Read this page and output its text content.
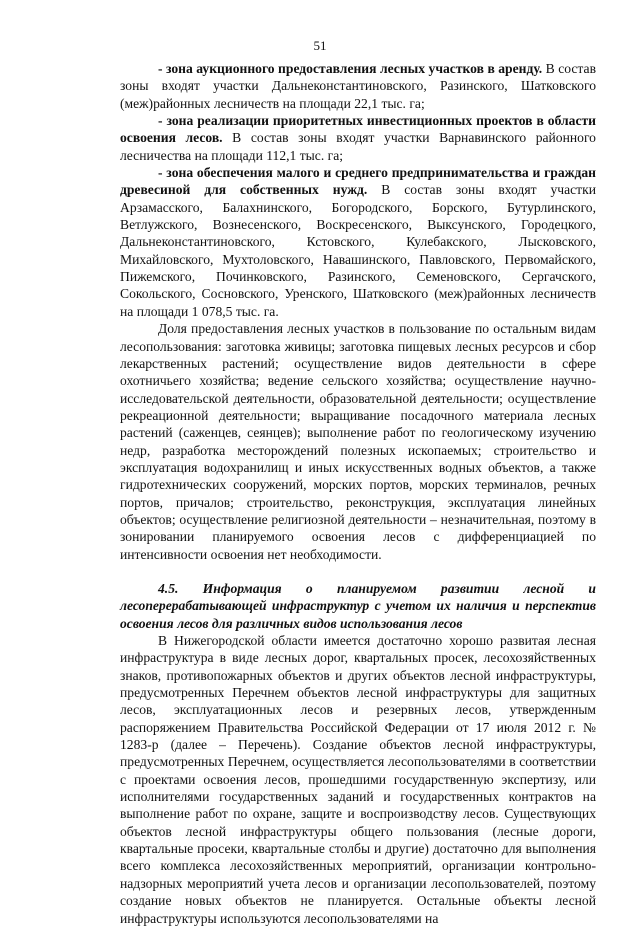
51

- зона аукционного предоставления лесных участков в аренду. В состав зоны входят участки Дальнеконстантиновского, Разинского, Шатковского (меж)районных лесничеств на площади 22,1 тыс. га;

- зона реализации приоритетных инвестиционных проектов в области освоения лесов. В состав зоны входят участки Варнавинского районного лесничества на площади 112,1 тыс. га;

- зона обеспечения малого и среднего предпринимательства и граждан древесиной для собственных нужд. В состав зоны входят участки Арзамасского, Балахнинского, Богородского, Борского, Бутурлинского, Ветлужского, Вознесенского, Воскресенского, Выксунского, Городецкого, Дальнеконстантиновского, Кстовского, Кулебакского, Лысковского, Михайловского, Мухтоловского, Навашинского, Павловского, Первомайского, Пижемского, Починковского, Разинского, Семеновского, Сергачского, Сокольского, Сосновского, Уренского, Шатковского (меж)районных лесничеств на площади 1 078,5 тыс. га.

Доля предоставления лесных участков в пользование по остальным видам лесопользования: заготовка живицы; заготовка пищевых лесных ресурсов и сбор лекарственных растений; осуществление видов деятельности в сфере охотничьего хозяйства; ведение сельского хозяйства; осуществление научно-исследовательской деятельности, образовательной деятельности; осуществление рекреационной деятельности; выращивание посадочного материала лесных растений (саженцев, сеянцев); выполнение работ по геологическому изучению недр, разработка месторождений полезных ископаемых; строительство и эксплуатация водохранилищ и иных искусственных водных объектов, а также гидротехнических сооружений, морских портов, морских терминалов, речных портов, причалов; строительство, реконструкция, эксплуатация линейных объектов; осуществление религиозной деятельности – незначительная, поэтому в зонировании планируемого освоения лесов с дифференциацией по интенсивности освоения нет необходимости.

4.5. Информация о планируемом развитии лесной и лесоперерабатывающей инфраструктур с учетом их наличия и перспектив освоения лесов для различных видов использования лесов

В Нижегородской области имеется достаточно хорошо развитая лесная инфраструктура в виде лесных дорог, квартальных просек, лесохозяйственных знаков, противопожарных объектов и других объектов лесной инфраструктуры, предусмотренных Перечнем объектов лесной инфраструктуры для защитных лесов, эксплуатационных лесов и резервных лесов, утвержденным распоряжением Правительства Российской Федерации от 17 июля 2012 г. № 1283-р (далее – Перечень). Создание объектов лесной инфраструктуры, предусмотренных Перечнем, осуществляется лесопользователями в соответствии с проектами освоения лесов, прошедшими государственную экспертизу, или исполнителями государственных заданий и государственных контрактов на выполнение работ по охране, защите и воспроизводству лесов. Существующих объектов лесной инфраструктуры общего пользования (лесные дороги, квартальные просеки, квартальные столбы и другие) достаточно для выполнения всего комплекса лесохозяйственных мероприятий, организации контрольно-надзорных мероприятий учета лесов и организации лесопользователей, поэтому создание новых объектов не планируется. Остальные объекты лесной инфраструктуры используются лесопользователями на
